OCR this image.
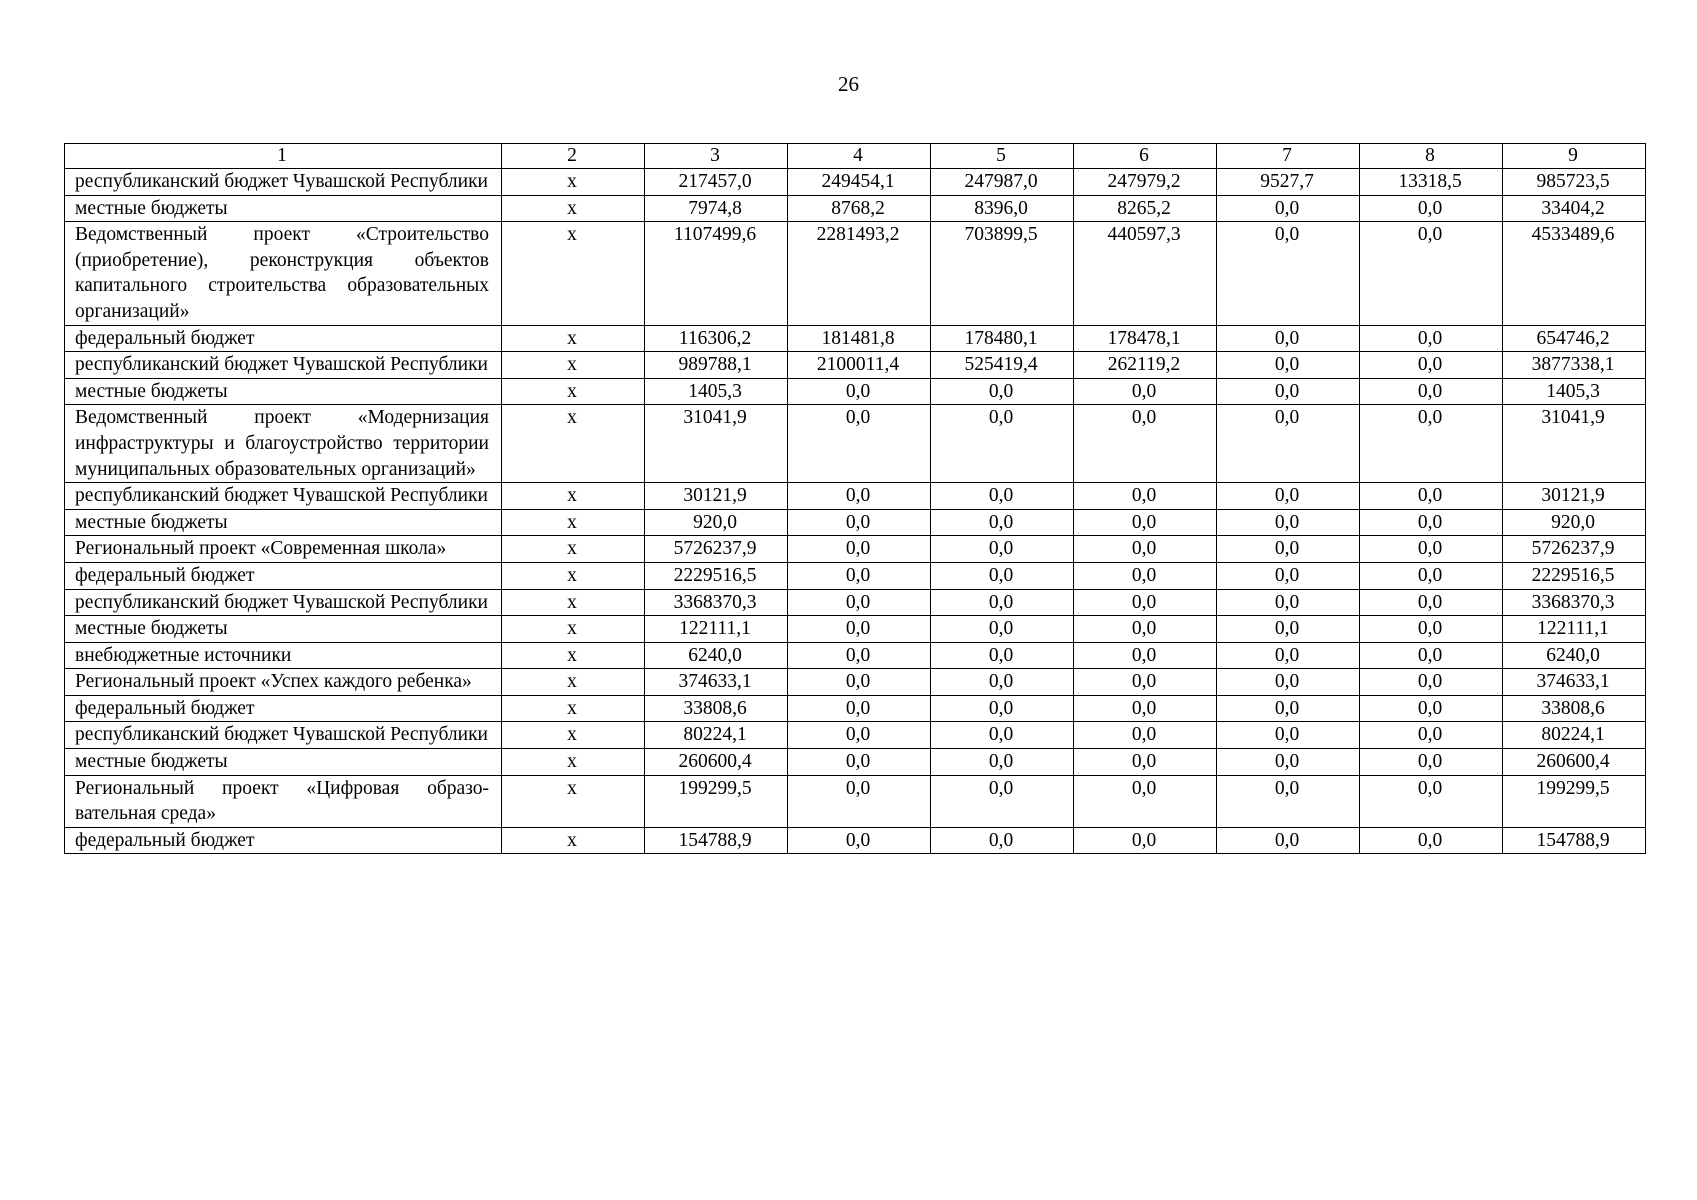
26
1	2	3	4	5	6	7	8	9
республиканский бюджет Чувашской Республики	х	217457,0	249454,1	247987,0	247979,2	9527,7	13318,5	985723,5
местные бюджеты	х	7974,8	8768,2	8396,0	8265,2	0,0	0,0	33404,2
Ведомственный проект «Строительство (приобретение), реконструкция объектов капитального строительства образовательных организаций»	х	1107499,6	2281493,2	703899,5	440597,3	0,0	0,0	4533489,6
федеральный бюджет	х	116306,2	181481,8	178480,1	178478,1	0,0	0,0	654746,2
республиканский бюджет Чувашской Республики	х	989788,1	2100011,4	525419,4	262119,2	0,0	0,0	3877338,1
местные бюджеты	х	1405,3	0,0	0,0	0,0	0,0	0,0	1405,3
Ведомственный проект «Модернизация инфраструктуры и благоустройство территории муниципальных образовательных организаций»	х	31041,9	0,0	0,0	0,0	0,0	0,0	31041,9
республиканский бюджет Чувашской Республики	х	30121,9	0,0	0,0	0,0	0,0	0,0	30121,9
местные бюджеты	х	920,0	0,0	0,0	0,0	0,0	0,0	920,0
Региональный проект «Современная школа»	х	5726237,9	0,0	0,0	0,0	0,0	0,0	5726237,9
федеральный бюджет	х	2229516,5	0,0	0,0	0,0	0,0	0,0	2229516,5
республиканский бюджет Чувашской Республики	х	3368370,3	0,0	0,0	0,0	0,0	0,0	3368370,3
местные бюджеты	х	122111,1	0,0	0,0	0,0	0,0	0,0	122111,1
внебюджетные источники	х	6240,0	0,0	0,0	0,0	0,0	0,0	6240,0
Региональный проект «Успех каждого ребенка»	х	374633,1	0,0	0,0	0,0	0,0	0,0	374633,1
федеральный бюджет	х	33808,6	0,0	0,0	0,0	0,0	0,0	33808,6
республиканский бюджет Чувашской Республики	х	80224,1	0,0	0,0	0,0	0,0	0,0	80224,1
местные бюджеты	х	260600,4	0,0	0,0	0,0	0,0	0,0	260600,4
Региональный проект «Цифровая образовательная среда»	х	199299,5	0,0	0,0	0,0	0,0	0,0	199299,5
федеральный бюджет	х	154788,9	0,0	0,0	0,0	0,0	0,0	154788,9
